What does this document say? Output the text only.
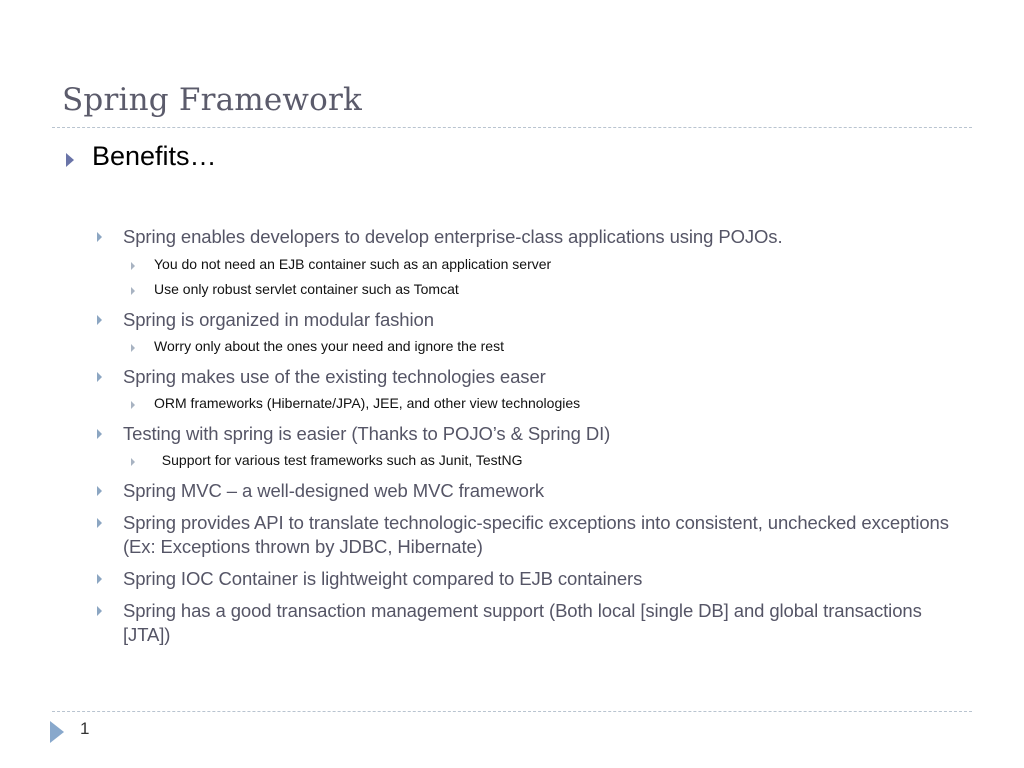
Spring Framework
Benefits…
Spring enables developers to develop enterprise-class applications using POJOs.
You do not need an EJB container such as an application server
Use only robust servlet container such as Tomcat
Spring is organized in modular fashion
Worry only about the ones your need and ignore the rest
Spring makes use of the existing technologies easer
ORM frameworks (Hibernate/JPA), JEE, and other view technologies
Testing with spring is easier (Thanks to POJO’s & Spring DI)
Support for various test frameworks such as Junit, TestNG
Spring MVC – a well-designed web MVC framework
Spring provides API to translate technologic-specific exceptions into consistent, unchecked exceptions (Ex: Exceptions thrown by JDBC, Hibernate)
Spring IOC Container is lightweight compared to EJB containers
Spring has a good transaction management support (Both local [single DB] and global transactions [JTA])
1
